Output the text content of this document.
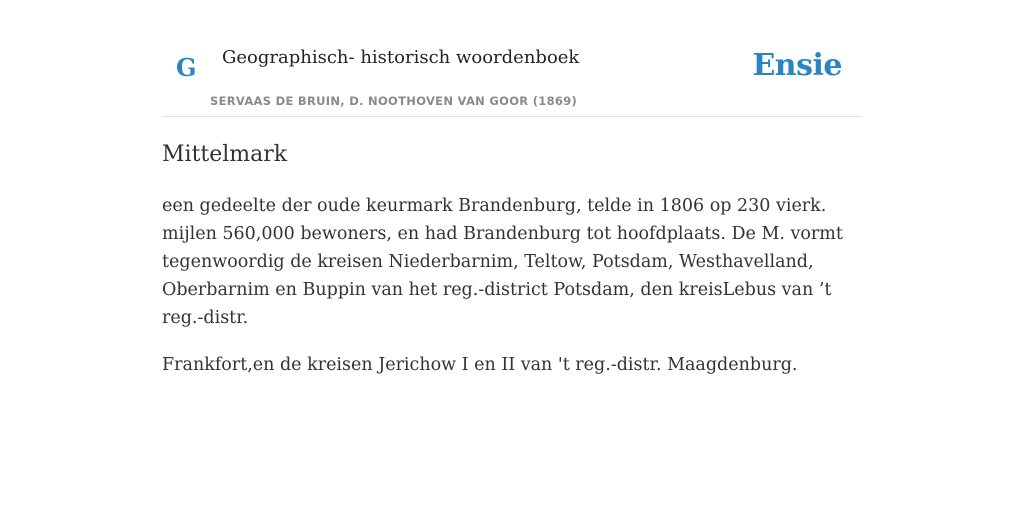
G Geographisch- historisch woordenboek
SERVAAS DE BRUIN, D. NOOTHOVEN VAN GOOR (1869)
Ensie
Mittelmark

een gedeelte der oude keurmark Brandenburg, telde in 1806 op 230 vierk. mijlen 560,000 bewoners, en had Brandenburg tot hoofdplaats. De M. vormt tegenwoordig de kreisen Niederbarnim, Teltow, Potsdam, Westhavelland, Oberbarnim en Buppin van het reg.-district Potsdam, den kreisLebus van ’t reg.-distr.

Frankfort,en de kreisen Jerichow I en II van 't reg.-distr. Maagdenburg.
